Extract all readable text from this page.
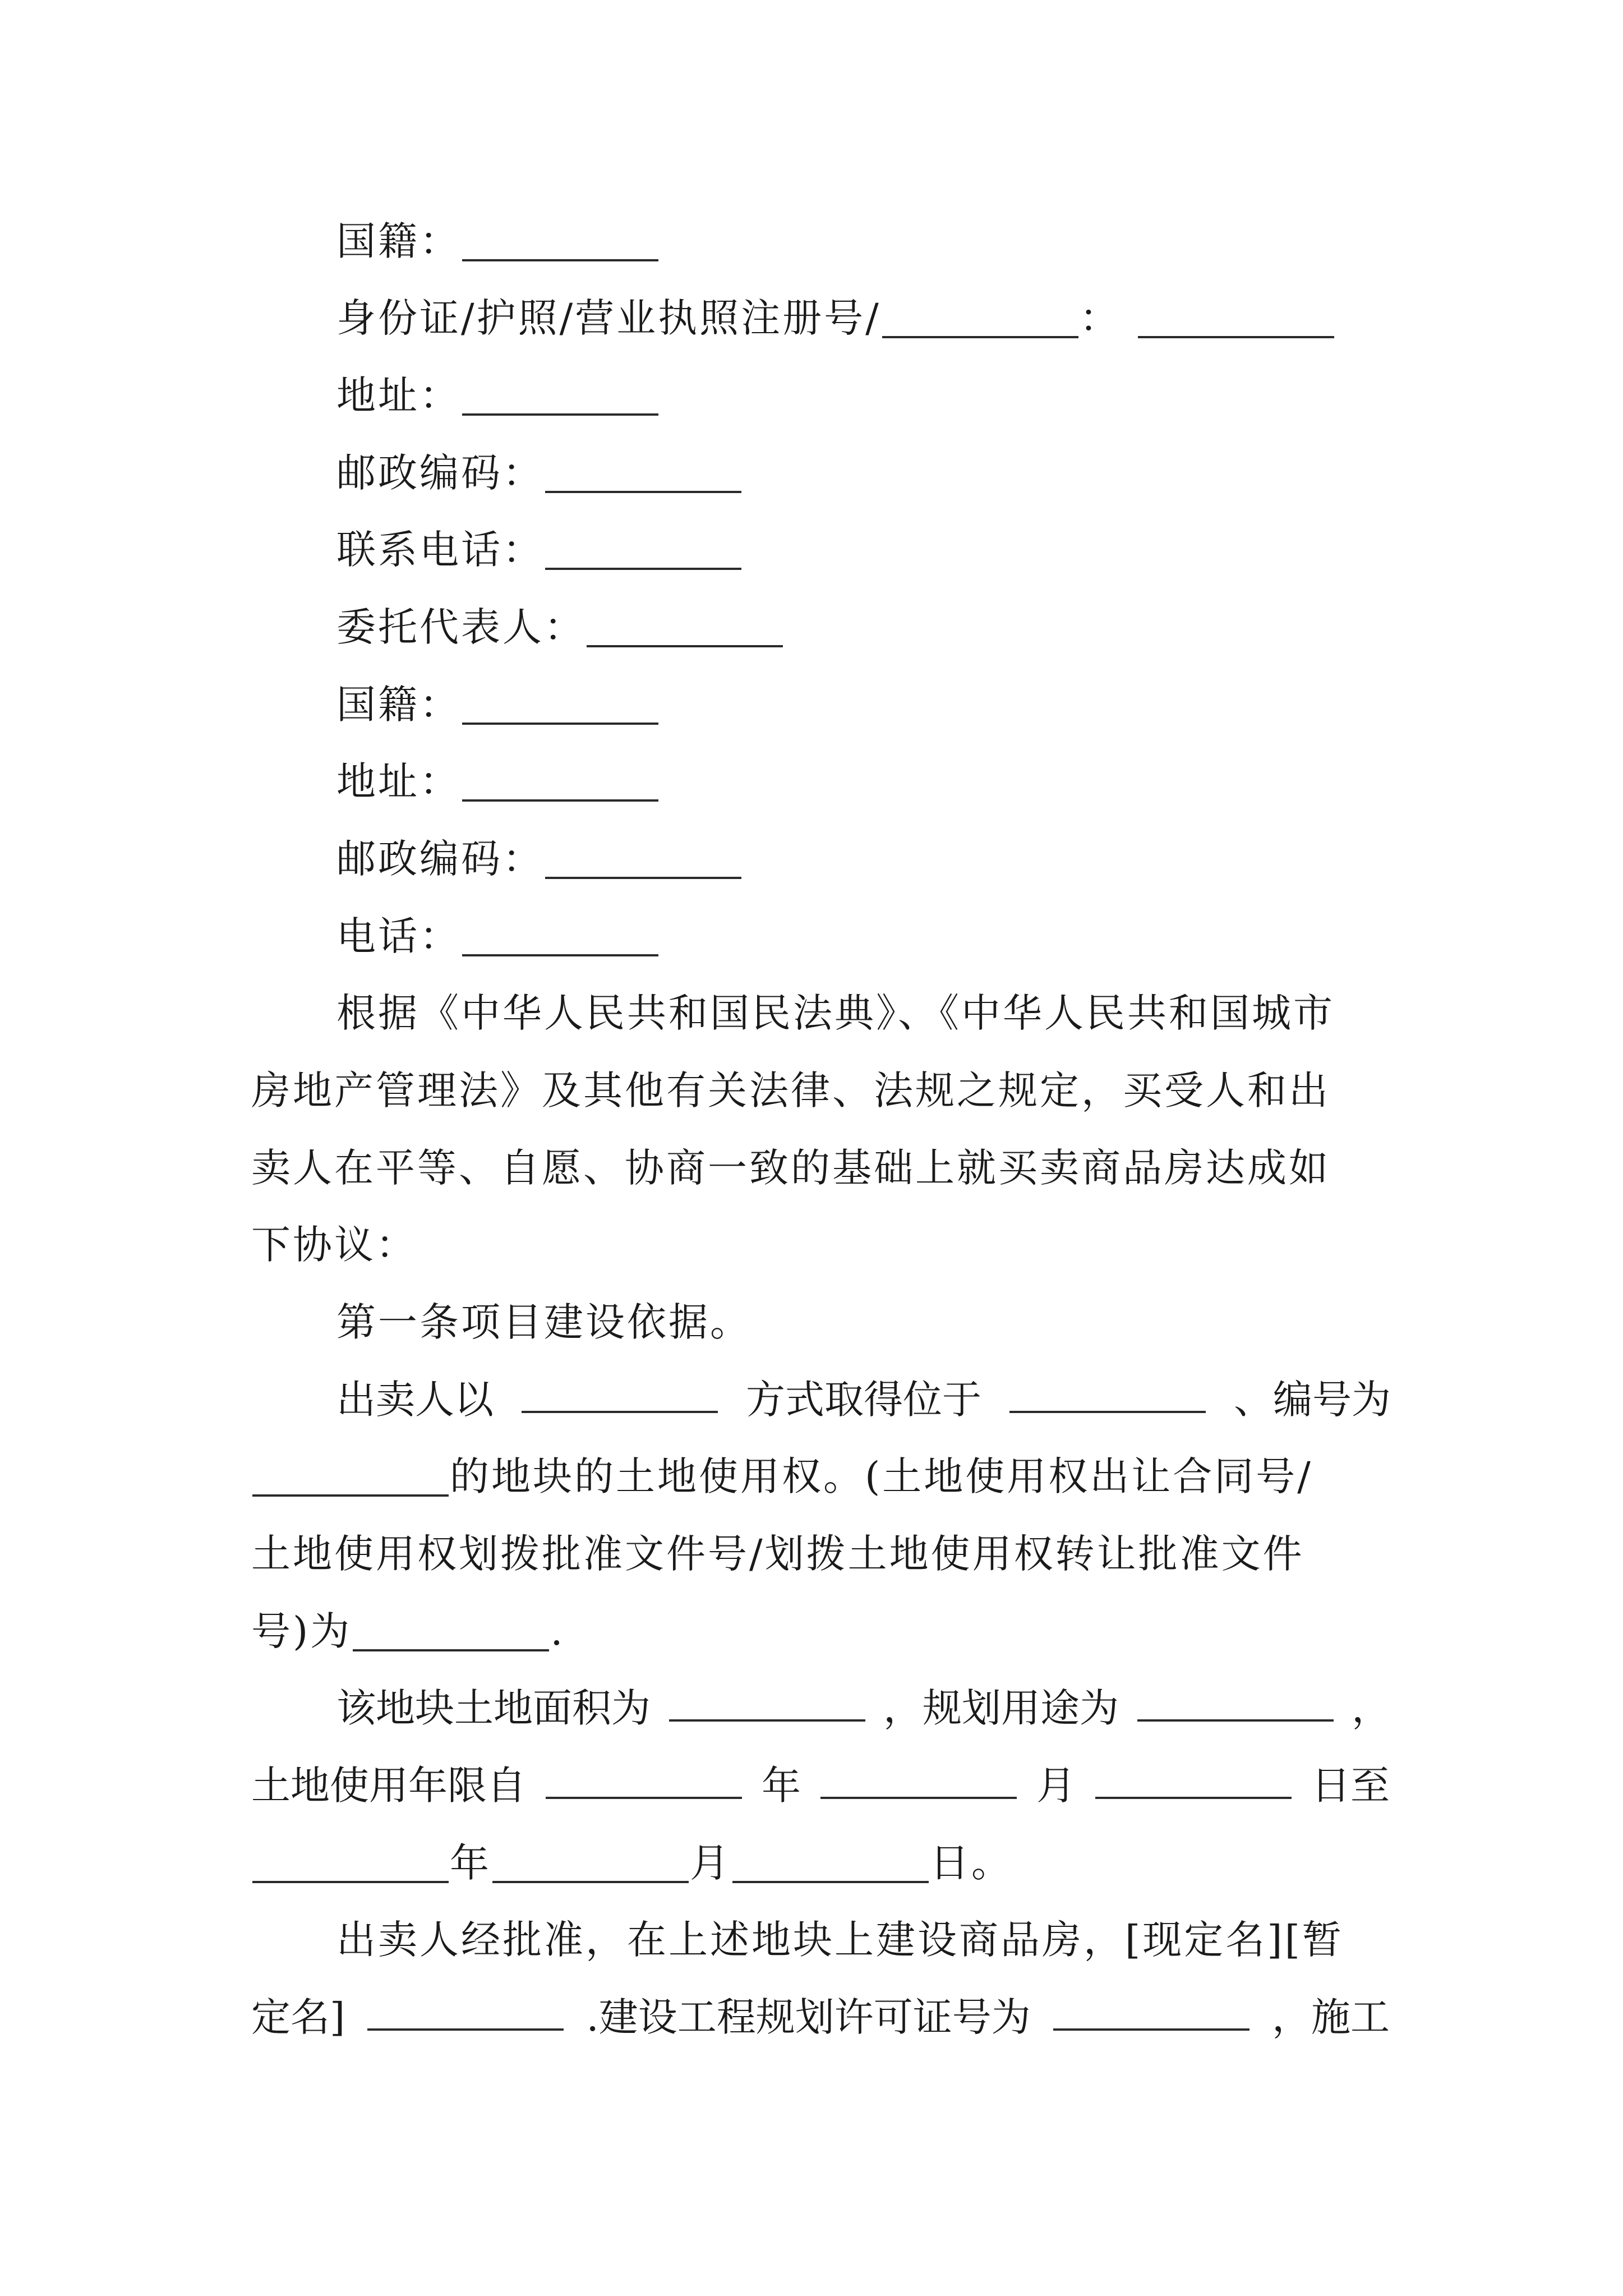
国籍：
身份证/护照/营业执照注册号/	：
地址：
邮政编码：
联系电话：
委托代表人：
国籍：
地址：
邮政编码：
电话：
根据《中华人民共和国民法典》、《中华人民共和国城市
房地产管理法》及其他有关法律、法规之规定，买受人和出
卖人在平等、自愿、协商一致的基础上就买卖商品房达成如
下协议：
第一条项目建设依据。
出卖人以	方式取得位于	、编号为
的地块的土地使用权。(土地使用权出让合同号/
土地使用权划拨批准文件号/划拨土地使用权转让批准文件
号)为	.
该地块土地面积为	，规划用途为	，
土地使用年限自	年	月	日至
年	月	日。
出卖人经批准，在上述地块上建设商品房，[现定名][暂
定名]	.建设工程规划许可证号为	，施工
